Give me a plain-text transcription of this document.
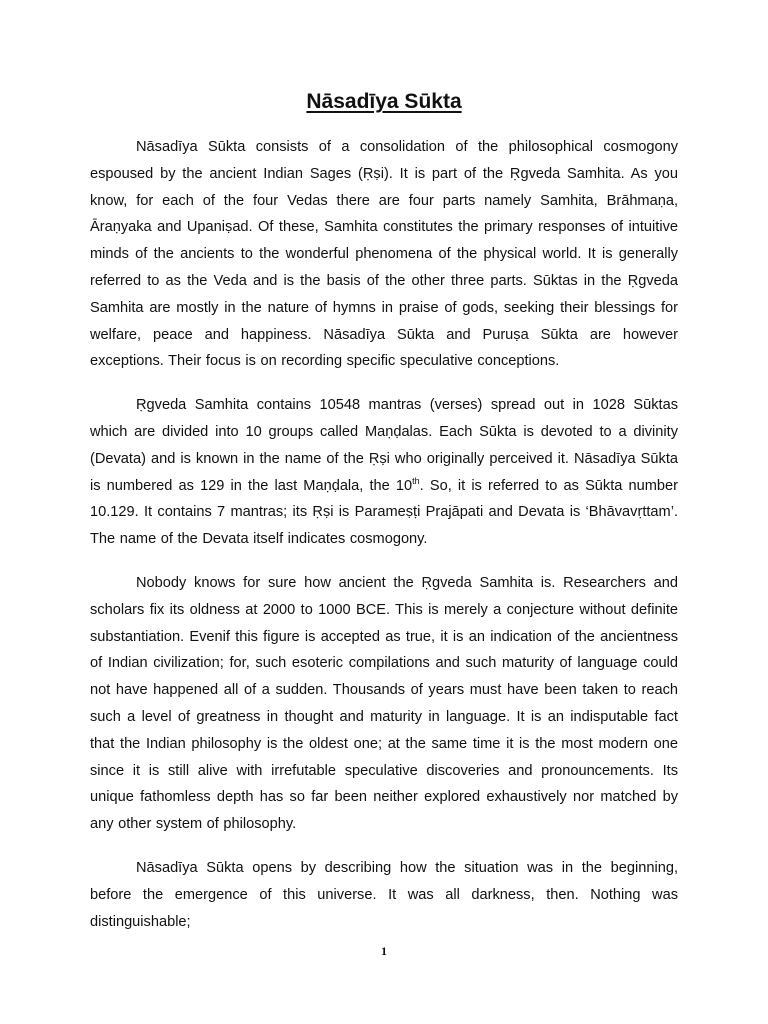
Nāsadīya Sūkta

Nāsadīya Sūkta consists of a consolidation of the philosophical cosmogony espoused by the ancient Indian Sages (Ṛṣi). It is part of the Ṛgveda Samhita. As you know, for each of the four Vedas there are four parts namely Samhita, Brāhmaṇa, Āraṇyaka and Upaniṣad. Of these, Samhita constitutes the primary responses of intuitive minds of the ancients to the wonderful phenomena of the physical world. It is generally referred to as the Veda and is the basis of the other three parts. Sūktas in the Ṛgveda Samhita are mostly in the nature of hymns in praise of gods, seeking their blessings for welfare, peace and happiness. Nāsadīya Sūkta and Puruṣa Sūkta are however exceptions. Their focus is on recording specific speculative conceptions.

Ṛgveda Samhita contains 10548 mantras (verses) spread out in 1028 Sūktas which are divided into 10 groups called Maṇḍalas. Each Sūkta is devoted to a divinity (Devata) and is known in the name of the Ṛṣi who originally perceived it. Nāsadīya Sūkta is numbered as 129 in the last Maṇḍala, the 10th. So, it is referred to as Sūkta number 10.129. It contains 7 mantras; its Ṛṣi is Parameṣṭi Prajāpati and Devata is ‘Bhāvavṛttam’. The name of the Devata itself indicates cosmogony.

Nobody knows for sure how ancient the Ṛgveda Samhita is. Researchers and scholars fix its oldness at 2000 to 1000 BCE. This is merely a conjecture without definite substantiation. Evenif this figure is accepted as true, it is an indication of the ancientness of Indian civilization; for, such esoteric compilations and such maturity of language could not have happened all of a sudden. Thousands of years must have been taken to reach such a level of greatness in thought and maturity in language. It is an indisputable fact that the Indian philosophy is the oldest one; at the same time it is the most modern one since it is still alive with irrefutable speculative discoveries and pronouncements. Its unique fathomless depth has so far been neither explored exhaustively nor matched by any other system of philosophy.

Nāsadīya Sūkta opens by describing how the situation was in the beginning, before the emergence of this universe. It was all darkness, then. Nothing was distinguishable;

1
